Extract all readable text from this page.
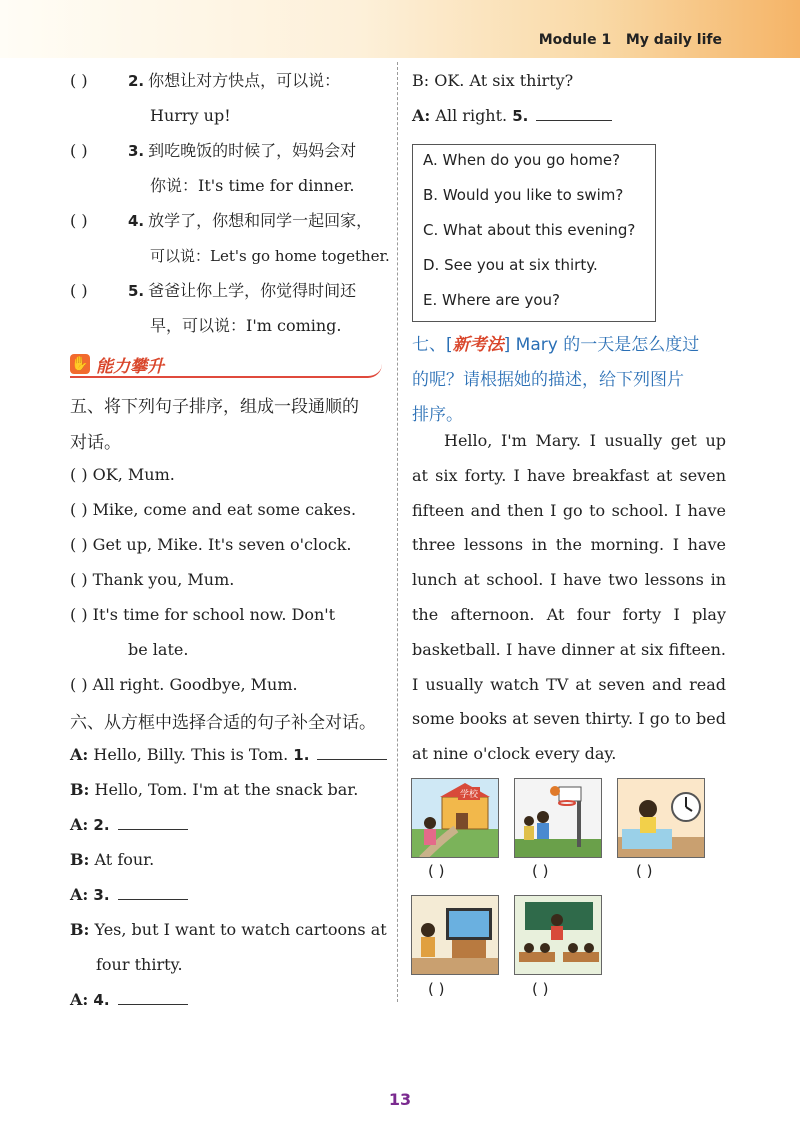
Module 1 My daily life
( )	2. 你想让对方快点，可以说：
Hurry up!
( )	3. 到吃晚饭的时候了，妈妈会对
你说：It's time for dinner.
( )	4. 放学了，你想和同学一起回家，
可以说：Let's go home together.
( )	5. 爸爸让你上学，你觉得时间还
早，可以说：I'm coming.
✋ 能力攀升
五、将下列句子排序，组成一段通顺的
对话。
( ) OK, Mum.
( ) Mike, come and eat some cakes.
( ) Get up, Mike. It's seven o'clock.
( ) Thank you, Mum.
( ) It's time for school now. Don't
be late.
( ) All right. Goodbye, Mum.
六、从方框中选择合适的句子补全对话。
A: Hello, Billy. This is Tom. 1.
B: Hello, Tom. I'm at the snack bar.
A: 2.
B: At four.
A: 3.
B: Yes, but I want to watch cartoons at
four thirty.
A: 4.
B: OK. At six thirty?
A: All right. 5.
A. When do you go home?
B. Would you like to swim?
C. What about this evening?
D. See you at six thirty.
E. Where are you?
七、[新考法] Mary 的一天是怎么度过
的呢？请根据她的描述，给下列图片
排序。

Hello, I'm Mary. I usually get up at six forty. I have breakfast at seven fifteen and then I go to school. I have three lessons in the morning. I have lunch at school. I have two lessons in the afternoon. At four forty I play basketball. I have dinner at six fifteen. I usually watch TV at seven and read some books at seven thirty. I go to bed at nine o'clock every day.

学校
( )	( )	( )
( )	( )
13
